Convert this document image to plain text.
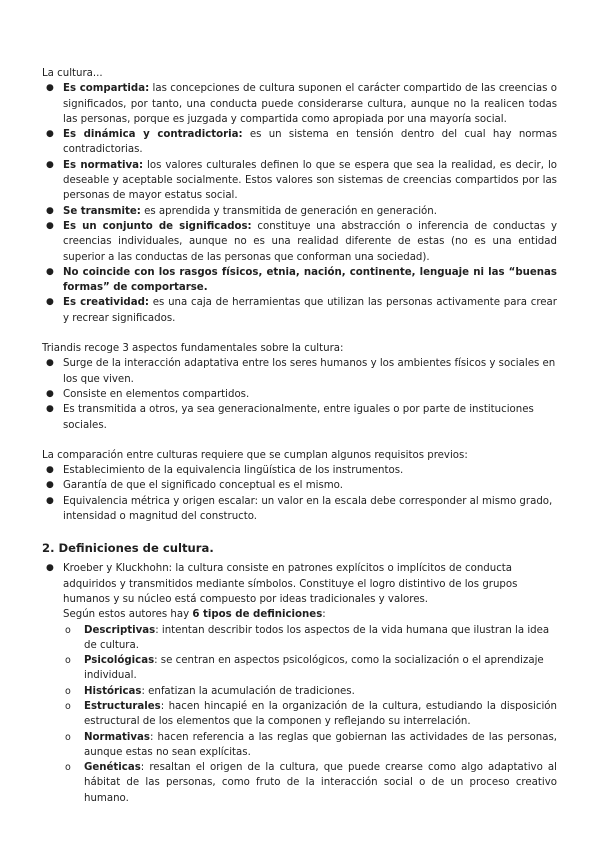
La cultura...

● Es compartida: las concepciones de cultura suponen el carácter compartido de las creencias o significados, por tanto, una conducta puede considerarse cultura, aunque no la realicen todas las personas, porque es juzgada y compartida como apropiada por una mayoría social.
● Es dinámica y contradictoria: es un sistema en tensión dentro del cual hay normas contradictorias.
● Es normativa: los valores culturales definen lo que se espera que sea la realidad, es decir, lo deseable y aceptable socialmente. Estos valores son sistemas de creencias compartidos por las personas de mayor estatus social.
● Se transmite: es aprendida y transmitida de generación en generación.
● Es un conjunto de significados: constituye una abstracción o inferencia de conductas y creencias individuales, aunque no es una realidad diferente de estas (no es una entidad superior a las conductas de las personas que conforman una sociedad).
● No coincide con los rasgos físicos, etnia, nación, continente, lenguaje ni las “buenas formas” de comportarse.
● Es creatividad: es una caja de herramientas que utilizan las personas activamente para crear y recrear significados.

Triandis recoge 3 aspectos fundamentales sobre la cultura:

● Surge de la interacción adaptativa entre los seres humanos y los ambientes físicos y sociales en los que viven.
● Consiste en elementos compartidos.
● Es transmitida a otros, ya sea generacionalmente, entre iguales o por parte de instituciones sociales.

La comparación entre culturas requiere que se cumplan algunos requisitos previos:

● Establecimiento de la equivalencia lingüística de los instrumentos.
● Garantía de que el significado conceptual es el mismo.
● Equivalencia métrica y origen escalar: un valor en la escala debe corresponder al mismo grado, intensidad o magnitud del constructo.
2. Definiciones de cultura.
● Kroeber y Kluckhohn: la cultura consiste en patrones explícitos o implícitos de conducta adquiridos y transmitidos mediante símbolos. Constituye el logro distintivo de los grupos humanos y su núcleo está compuesto por ideas tradicionales y valores.
Según estos autores hay 6 tipos de definiciones:
o Descriptivas: intentan describir todos los aspectos de la vida humana que ilustran la idea de cultura.
o Psicológicas: se centran en aspectos psicológicos, como la socialización o el aprendizaje individual.
o Históricas: enfatizan la acumulación de tradiciones.
o Estructurales: hacen hincapié en la organización de la cultura, estudiando la disposición estructural de los elementos que la componen y reflejando su interrelación.
o Normativas: hacen referencia a las reglas que gobiernan las actividades de las personas, aunque estas no sean explícitas.
o Genéticas: resaltan el origen de la cultura, que puede crearse como algo adaptativo al hábitat de las personas, como fruto de la interacción social o de un proceso creativo humano.
